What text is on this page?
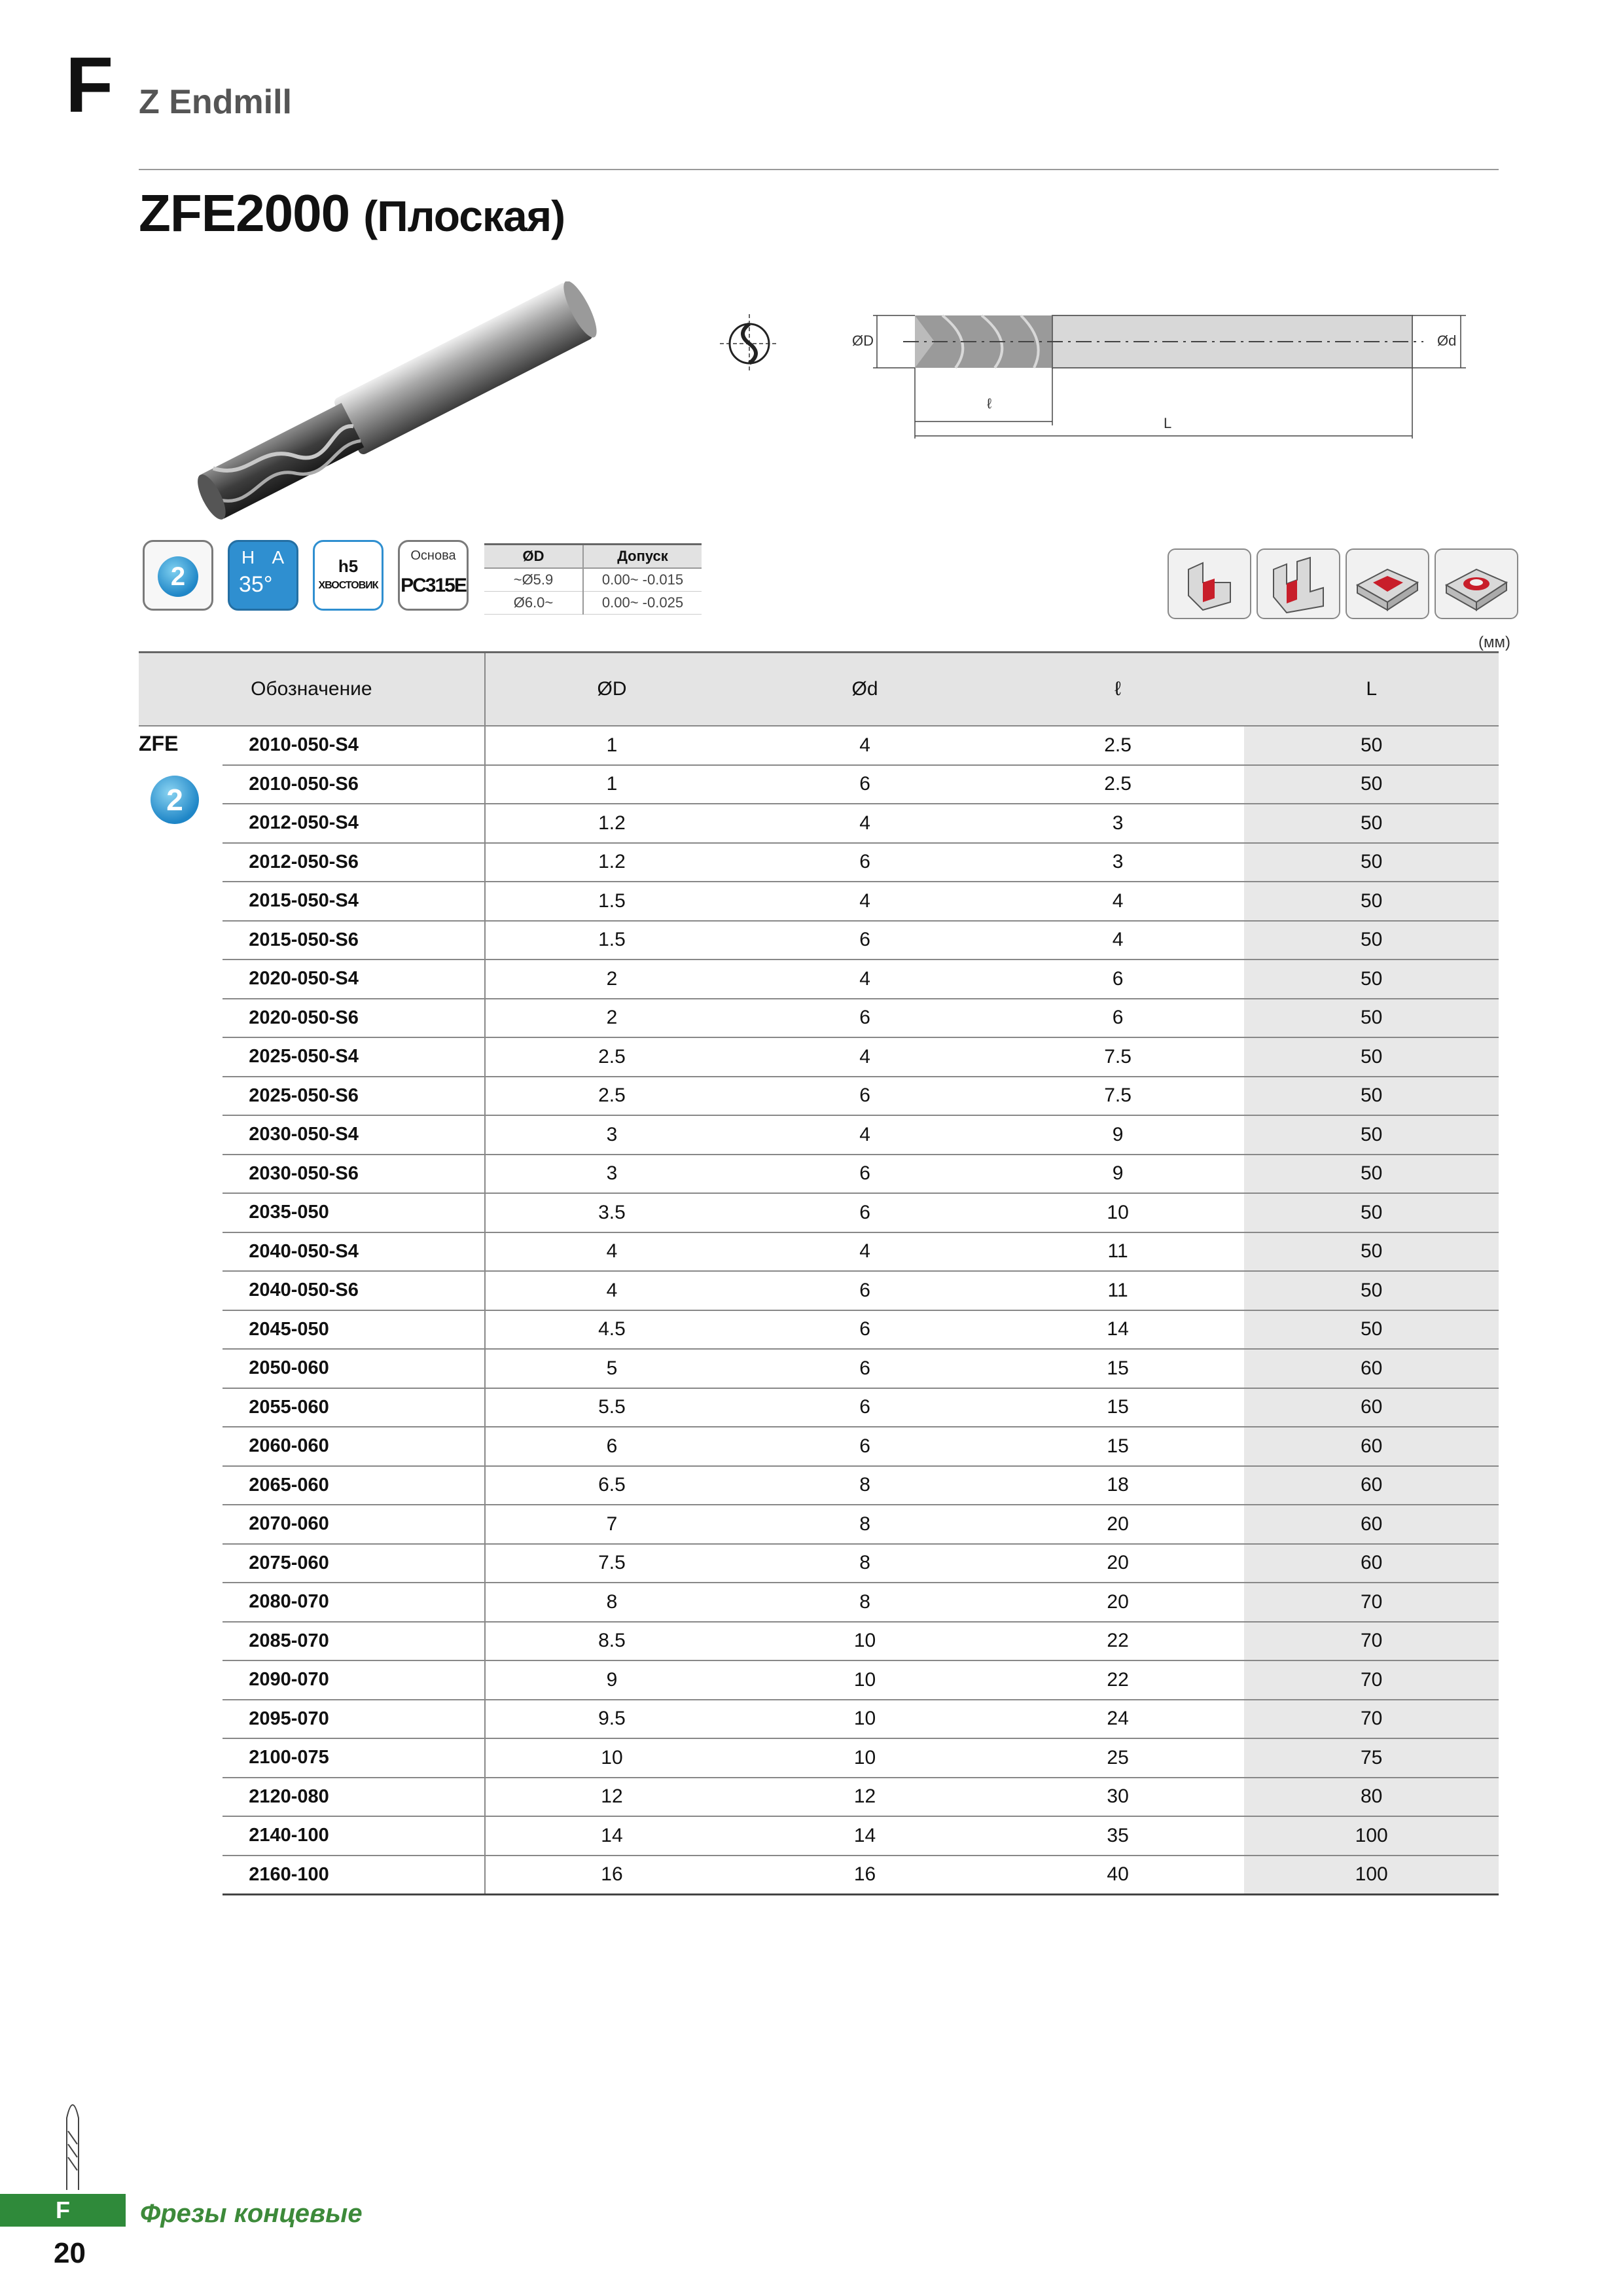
F Z Endmill
ZFE2000 (Плоская)
ØD	Ød
ℓ
L
2
H A
35°
h5
ХВОСТОВИК
Основа
PC315E
ØD	Допуск
~Ø5.9	0.00~ -0.015
Ø6.0~	0.00~ -0.025
(мм)
Обозначение		ØD	Ød	ℓ	L

ZFE
2	2010-050-S4	1	4	2.5	50
	2010-050-S6	1	6	2.5	50
	2012-050-S4	1.2	4	3	50
	2012-050-S6	1.2	6	3	50
	2015-050-S4	1.5	4	4	50
	2015-050-S6	1.5	6	4	50
	2020-050-S4	2	4	6	50
	2020-050-S6	2	6	6	50
	2025-050-S4	2.5	4	7.5	50
	2025-050-S6	2.5	6	7.5	50
	2030-050-S4	3	4	9	50
	2030-050-S6	3	6	9	50
	2035-050	3.5	6	10	50
	2040-050-S4	4	4	11	50
	2040-050-S6	4	6	11	50
	2045-050	4.5	6	14	50
	2050-060	5	6	15	60
	2055-060	5.5	6	15	60
	2060-060	6	6	15	60
	2065-060	6.5	8	18	60
	2070-060	7	8	20	60
	2075-060	7.5	8	20	60
	2080-070	8	8	20	70
	2085-070	8.5	10	22	70
	2090-070	9	10	22	70
	2095-070	9.5	10	24	70
	2100-075	10	10	25	75
	2120-080	12	12	30	80
	2140-100	14	14	35	100
	2160-100	16	16	40	100
F	Фрезы концевые
20
